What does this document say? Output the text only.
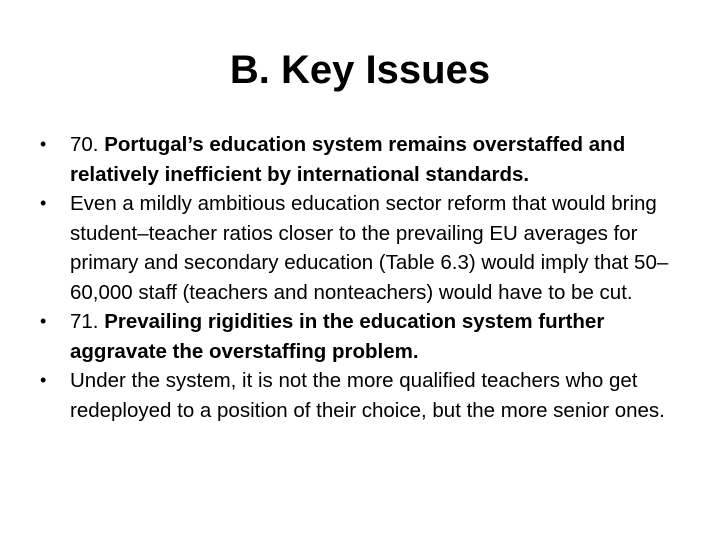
B. Key Issues
• 70. Portugal’s education system remains overstaffed and relatively inefficient by international standards.
• Even a mildly ambitious education sector reform that would bring student–teacher ratios closer to the prevailing EU averages for primary and secondary education (Table 6.3) would imply that 50–60,000 staff (teachers and nonteachers) would have to be cut.
• 71. Prevailing rigidities in the education system further aggravate the overstaffing problem.
• Under the system, it is not the more qualified teachers who get redeployed to a position of their choice, but the more senior ones.
